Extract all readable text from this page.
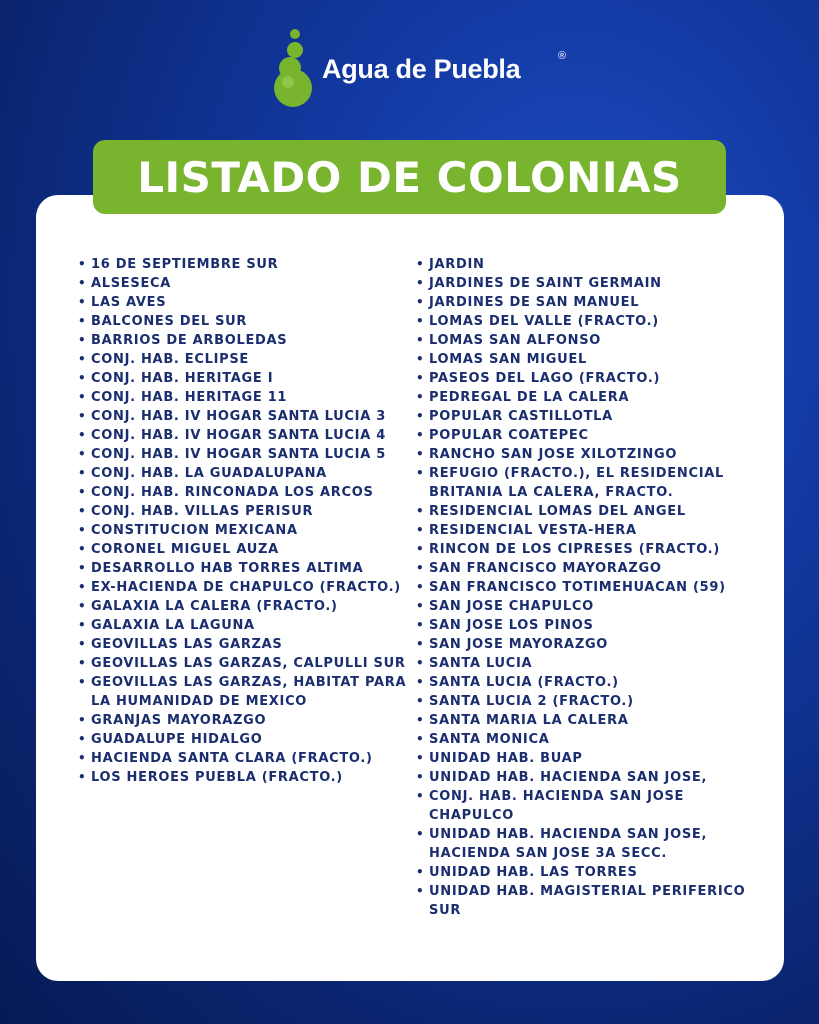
Agua de Puebla	®
LISTADO DE COLONIAS
• 16 DE SEPTIEMBRE SUR
• ALSESECA
• LAS AVES
• BALCONES DEL SUR
• BARRIOS DE ARBOLEDAS
• CONJ. HAB. ECLIPSE
• CONJ. HAB. HERITAGE I
• CONJ. HAB. HERITAGE 11
• CONJ. HAB. IV HOGAR SANTA LUCIA 3
• CONJ. HAB. IV HOGAR SANTA LUCIA 4
• CONJ. HAB. IV HOGAR SANTA LUCIA 5
• CONJ. HAB. LA GUADALUPANA
• CONJ. HAB. RINCONADA LOS ARCOS
• CONJ. HAB. VILLAS PERISUR
• CONSTITUCION MEXICANA
• CORONEL MIGUEL AUZA
• DESARROLLO HAB TORRES ALTIMA
• EX-HACIENDA DE CHAPULCO (FRACTO.)
• GALAXIA LA CALERA (FRACTO.)
• GALAXIA LA LAGUNA
• GEOVILLAS LAS GARZAS
• GEOVILLAS LAS GARZAS, CALPULLI SUR
• GEOVILLAS LAS GARZAS, HABITAT PARA LA HUMANIDAD DE MEXICO
• GRANJAS MAYORAZGO
• GUADALUPE HIDALGO
• HACIENDA SANTA CLARA (FRACTO.)
• LOS HEROES PUEBLA (FRACTO.)
• JARDIN
• JARDINES DE SAINT GERMAIN
• JARDINES DE SAN MANUEL
• LOMAS DEL VALLE (FRACTO.)
• LOMAS SAN ALFONSO
• LOMAS SAN MIGUEL
• PASEOS DEL LAGO (FRACTO.)
• PEDREGAL DE LA CALERA
• POPULAR CASTILLOTLA
• POPULAR COATEPEC
• RANCHO SAN JOSE XILOTZINGO
• REFUGIO (FRACTO.), EL RESIDENCIAL BRITANIA LA CALERA, FRACTO.
• RESIDENCIAL LOMAS DEL ANGEL
• RESIDENCIAL VESTA-HERA
• RINCON DE LOS CIPRESES (FRACTO.)
• SAN FRANCISCO MAYORAZGO
• SAN FRANCISCO TOTIMEHUACAN (59)
• SAN JOSE CHAPULCO
• SAN JOSE LOS PINOS
• SAN JOSE MAYORAZGO
• SANTA LUCIA
• SANTA LUCIA (FRACTO.)
• SANTA LUCIA 2 (FRACTO.)
• SANTA MARIA LA CALERA
• SANTA MONICA
• UNIDAD HAB. BUAP
• UNIDAD HAB. HACIENDA SAN JOSE,
• CONJ. HAB. HACIENDA SAN JOSE CHAPULCO
• UNIDAD HAB. HACIENDA SAN JOSE, HACIENDA SAN JOSE 3A SECC.
• UNIDAD HAB. LAS TORRES
• UNIDAD HAB. MAGISTERIAL PERIFERICO SUR
